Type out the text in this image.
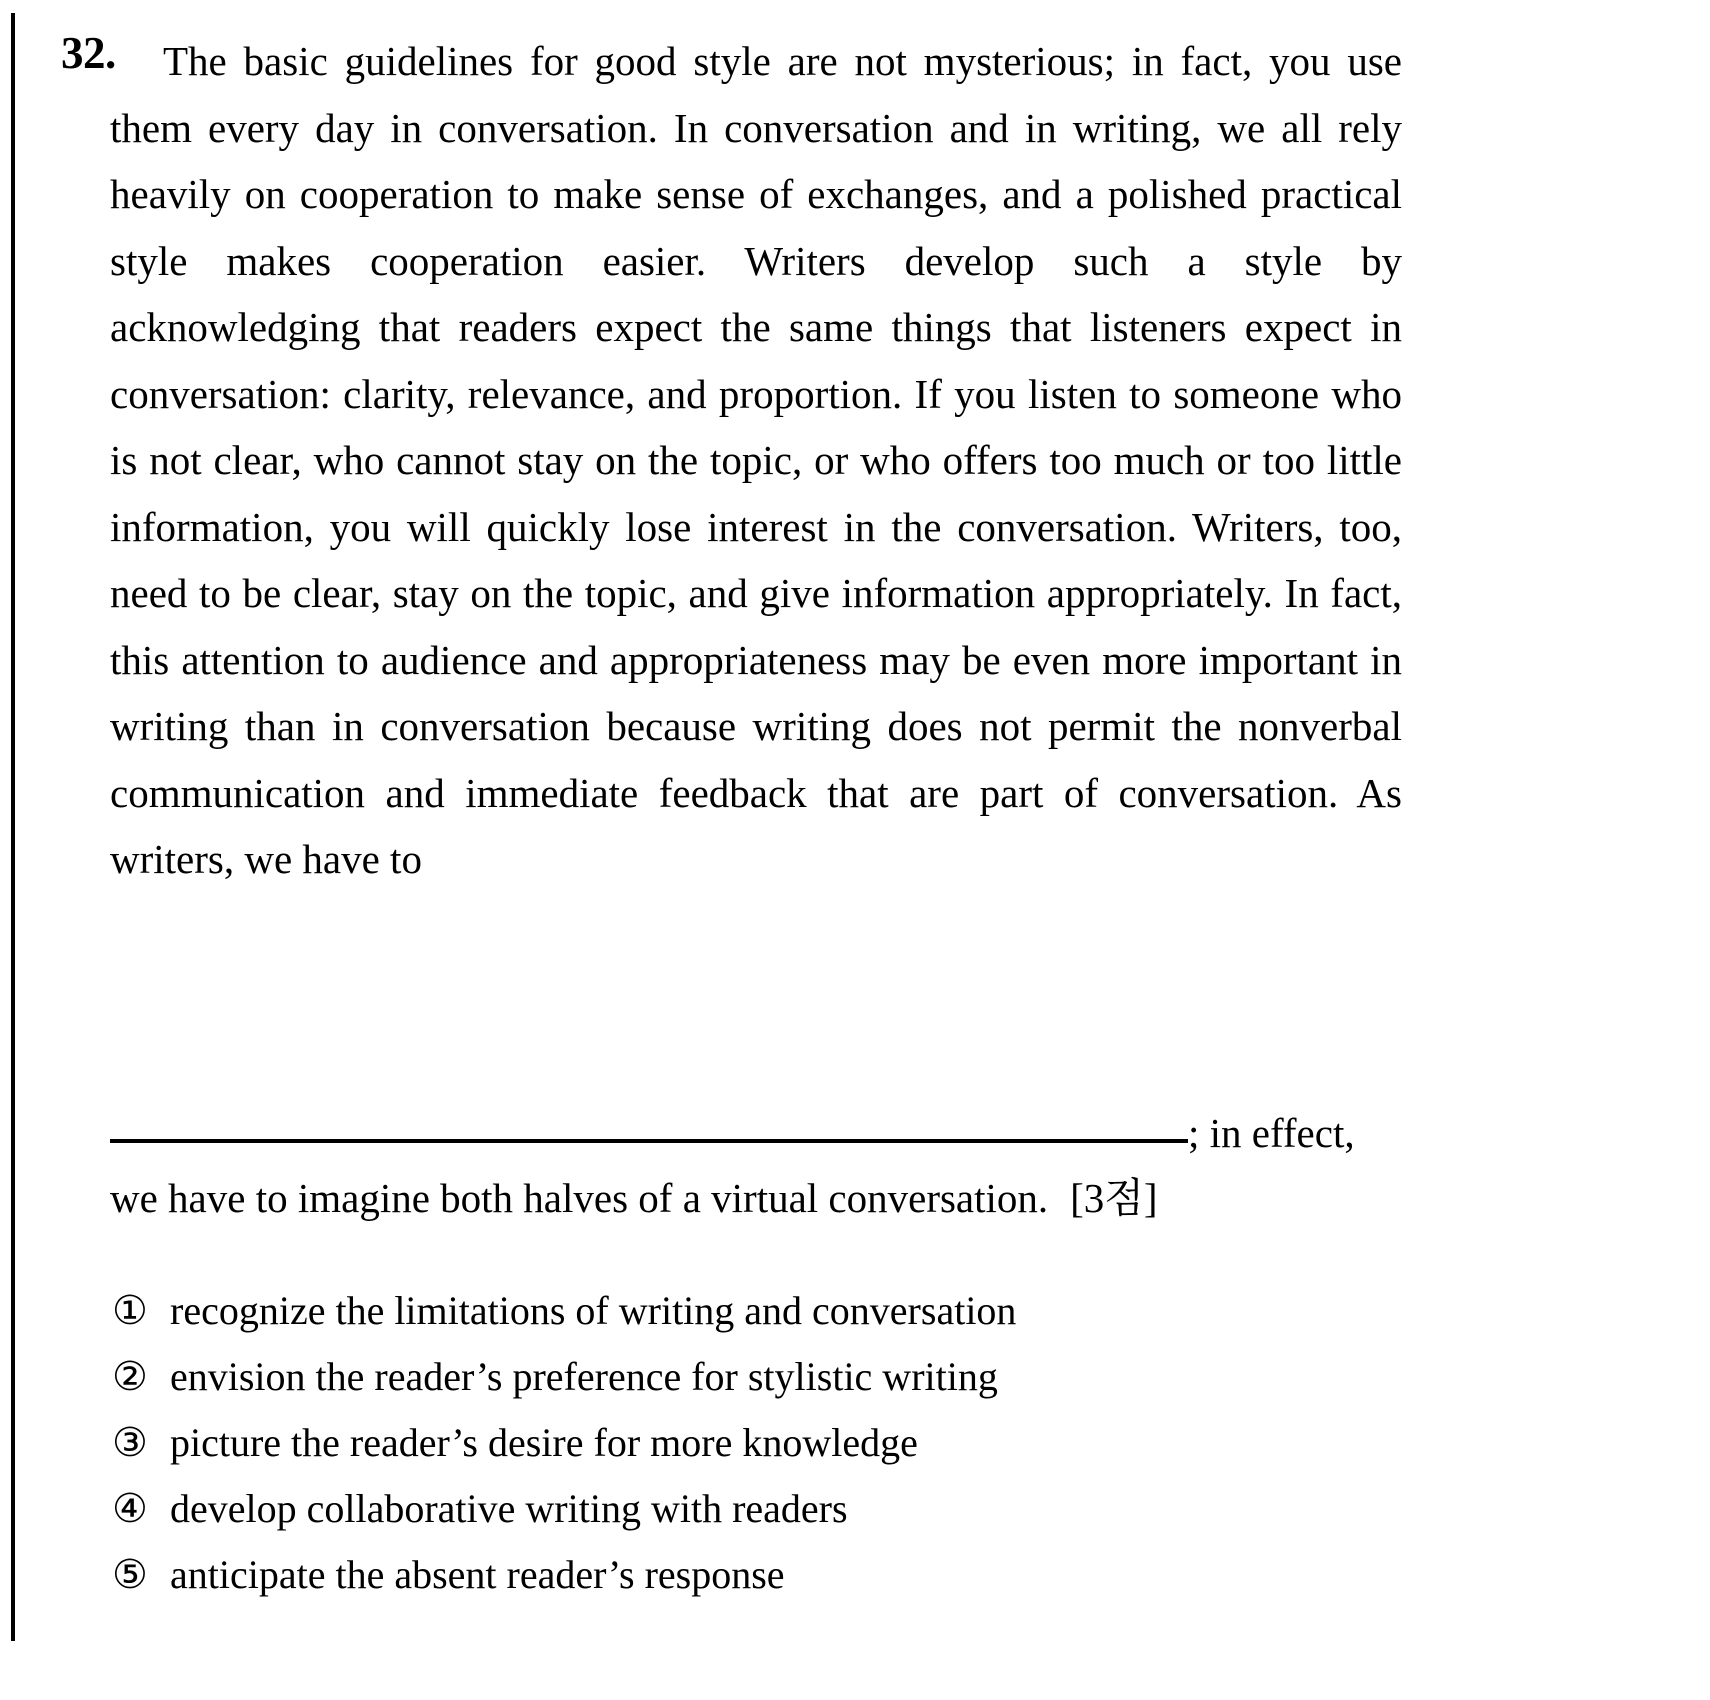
32.	The basic guidelines for good style are not mysterious; in fact, you use them every day in conversation. In conversation and in writing, we all rely heavily on cooperation to make sense of exchanges, and a polished practical style makes cooperation easier. Writers develop such a style by acknowledging that readers expect the same things that listeners expect in conversation: clarity, relevance, and proportion. If you listen to someone who is not clear, who cannot stay on the topic, or who offers too much or too little information, you will quickly lose interest in the conversation. Writers, too, need to be clear, stay on the topic, and give information appropriately. In fact, this attention to audience and appropriateness may be even more important in writing than in conversation because writing does not permit the nonverbal communication and immediate feedback that are part of conversation. As writers, we have to
; in effect,
we have to imagine both halves of a virtual conversation. [3점]
① recognize the limitations of writing and conversation
② envision the reader’s preference for stylistic writing
③ picture the reader’s desire for more knowledge
④ develop collaborative writing with readers
⑤ anticipate the absent reader’s response
